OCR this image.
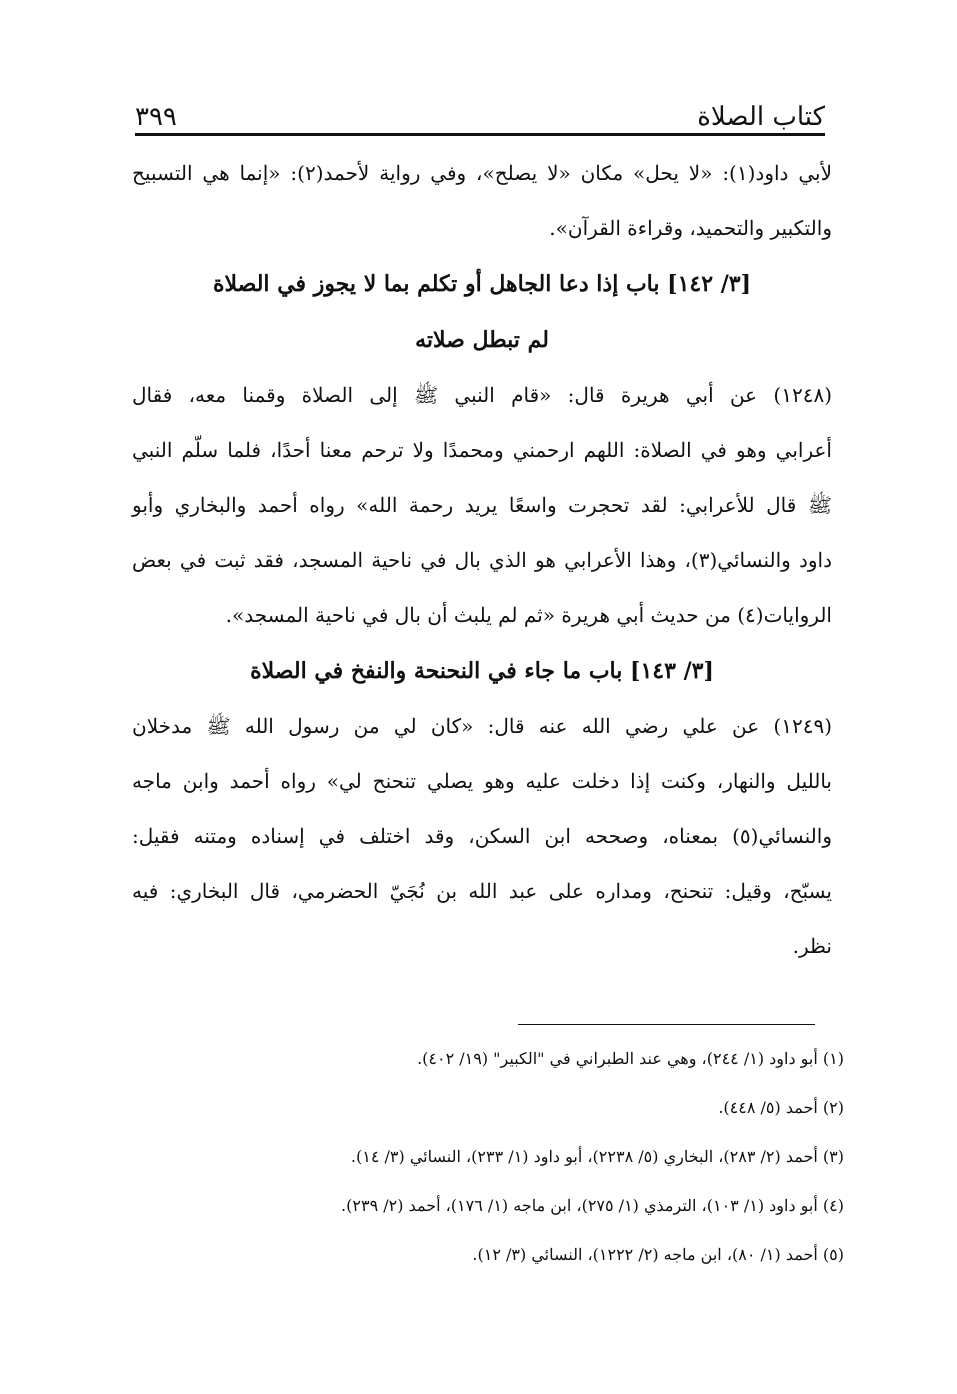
٣٩٩	كتاب الصلاة
لأبي داود(١): «لا يحل» مكان «لا يصلح»، وفي رواية لأحمد(٢): «إنما هي التسبيح
والتكبير والتحميد، وقراءة القرآن».
[٣/ ١٤٢] باب إذا دعا الجاهل أو تكلم بما لا يجوز في الصلاة
لم تبطل صلاته
(١٢٤٨) عن أبي هريرة قال: «قام النبي ﷺ إلى الصلاة وقمنا معه، فقال
أعرابي وهو في الصلاة: اللهم ارحمني ومحمدًا ولا ترحم معنا أحدًا، فلما سلّم النبي
ﷺ قال للأعرابي: لقد تحجرت واسعًا يريد رحمة الله» رواه أحمد والبخاري وأبو
داود والنسائي(٣)، وهذا الأعرابي هو الذي بال في ناحية المسجد، فقد ثبت في بعض
الروايات(٤) من حديث أبي هريرة «ثم لم يلبث أن بال في ناحية المسجد».
[٣/ ١٤٣] باب ما جاء في النحنحة والنفخ في الصلاة
(١٢٤٩) عن علي رضي الله عنه قال: «كان لي من رسول الله ﷺ مدخلان
بالليل والنهار، وكنت إذا دخلت عليه وهو يصلي تنحنح لي» رواه أحمد وابن ماجه
والنسائي(٥) بمعناه، وصححه ابن السكن، وقد اختلف في إسناده ومتنه فقيل:
يسبّح، وقيل: تنحنح، ومداره على عبد الله بن نُجَيّ الحضرمي، قال البخاري: فيه
نظر.
(١) أبو داود (١/ ٢٤٤)، وهي عند الطبراني في "الكبير" (١٩/ ٤٠٢).
(٢) أحمد (٥/ ٤٤٨).
(٣) أحمد (٢/ ٢٨٣)، البخاري (٥/ ٢٢٣٨)، أبو داود (١/ ٢٣٣)، النسائي (٣/ ١٤).
(٤) أبو داود (١/ ١٠٣)، الترمذي (١/ ٢٧٥)، ابن ماجه (١/ ١٧٦)، أحمد (٢/ ٢٣٩).
(٥) أحمد (١/ ٨٠)، ابن ماجه (٢/ ١٢٢٢)، النسائي (٣/ ١٢).
